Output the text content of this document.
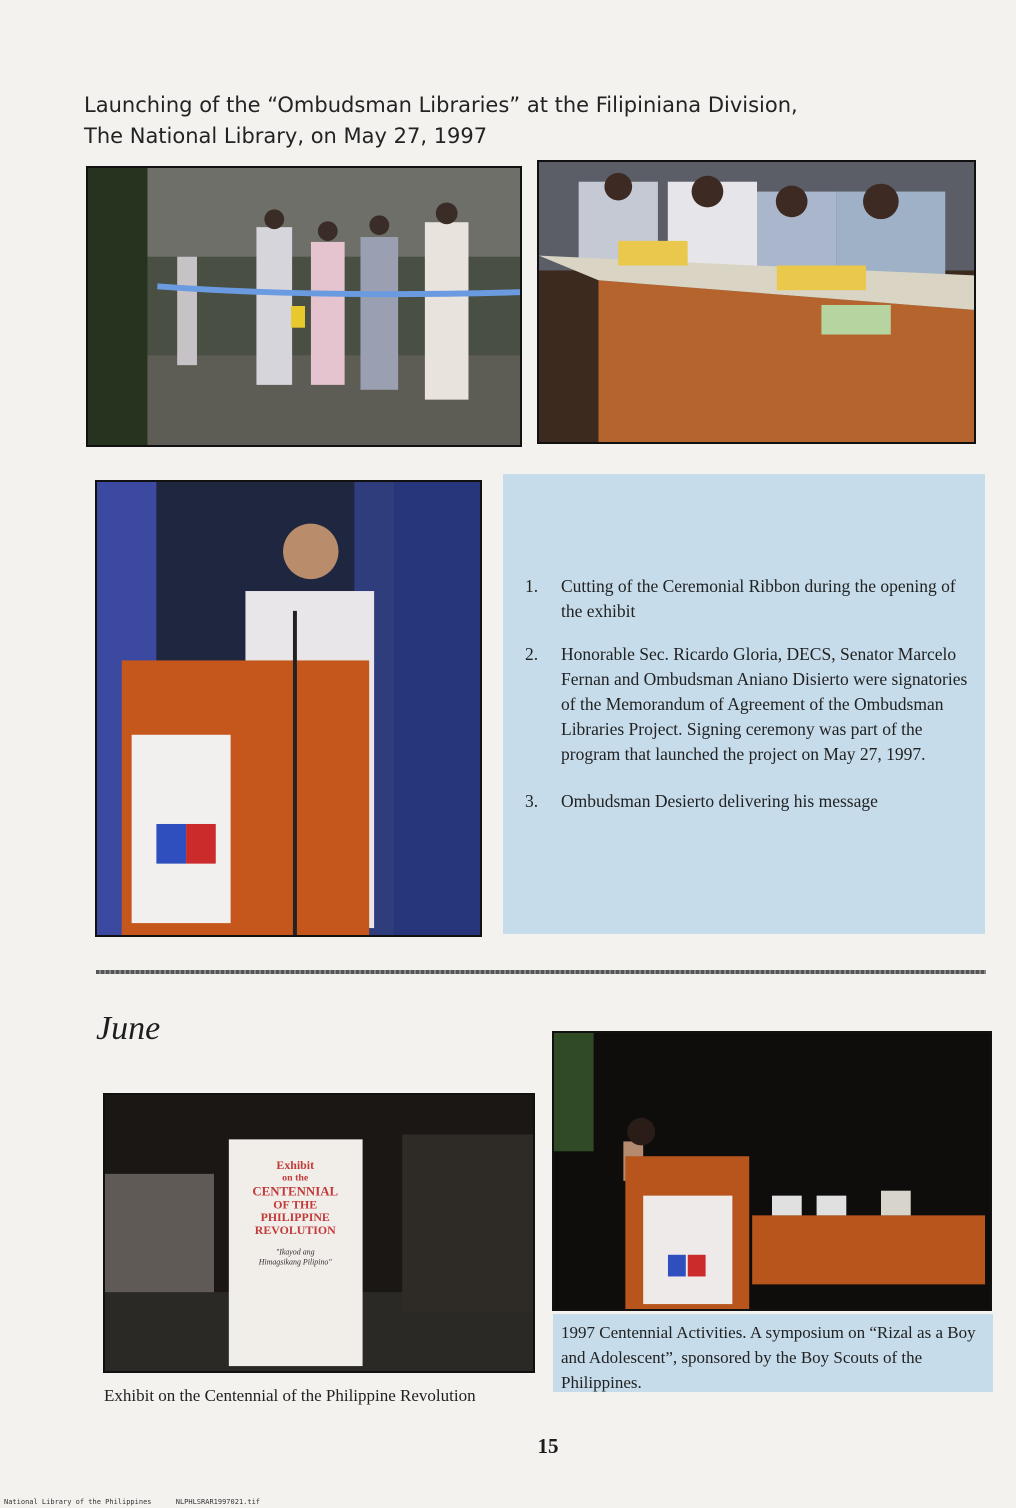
Launching of the “Ombudsman Libraries” at the Filipiniana Division,
The National Library, on May 27, 1997
1. Cutting of the Ceremonial Ribbon during the opening of the exhibit
2. Honorable Sec. Ricardo Gloria, DECS, Senator Marcelo Fernan and Ombudsman Aniano Disierto were signatories of the Memorandum of Agreement of the Ombudsman Libraries Project. Signing ceremony was part of the program that launched the project on May 27, 1997.
3. Ombudsman Desierto delivering his message
June
Exhibit
on the
CENTENNIAL
OF THE
PHILIPPINE
REVOLUTION
"Ikayod ang
Himagsikang Pilipino"
Exhibit on the Centennial of the Philippine Revolution
1997 Centennial Activities. A symposium on “Rizal as a Boy and Adolescent”, sponsored by the Boy Scouts of the Philippines.
15
National Library of the Philippines	NLPHLSRAR1997021.tif
